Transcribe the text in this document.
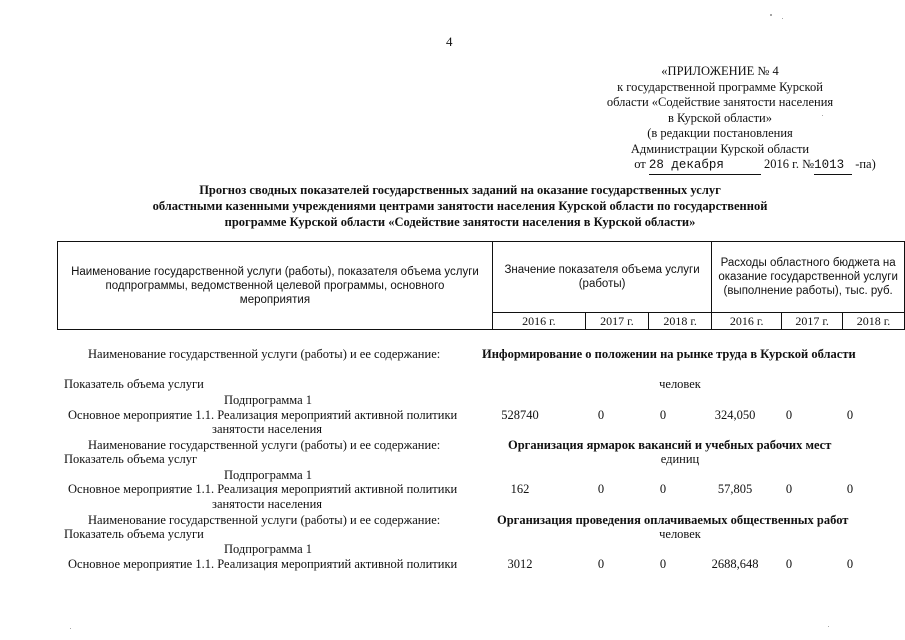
4
«ПРИЛОЖЕНИЕ № 4
к государственной программе Курской
области «Содействие занятости населения
в Курской области»
(в редакции постановления
Администрации Курской области
от 28 декабря	2016 г. №1013 -па)
Прогноз сводных показателей государственных заданий на оказание государственных услуг
областными казенными учреждениями центрами занятости населения Курской области по государственной
программе Курской области «Содействие занятости населения в Курской области»
Наименование государственной услуги (работы), показателя объема услуги подпрограммы, ведомственной целевой программы, основного мероприятия	Значение показателя объема услуги (работы)			Расходы областного бюджета на оказание государственной услуги (выполнение работы), тыс. руб.		
	2016 г.	2017 г.	2018 г.	2016 г.	2017 г.	2018 г.
Наименование государственной услуги (работы) и ее содержание:	Информирование о положении на рынке труда в Курской области
Показатель объема услуги	человек
Подпрограмма 1
Основное мероприятие 1.1. Реализация мероприятий активной политики
занятости населения
528740	0	0	324,050	0	0
Наименование государственной услуги (работы) и ее содержание:	Организация ярмарок вакансий и учебных рабочих мест
Показатель объема услуг	единиц
Подпрограмма 1
Основное мероприятие 1.1. Реализация мероприятий активной политики
занятости населения
162	0	0	57,805	0	0
Наименование государственной услуги (работы) и ее содержание:	Организация проведения оплачиваемых общественных работ
Показатель объема услуги	человек
Подпрограмма 1
Основное мероприятие 1.1. Реализация мероприятий активной политики	3012	0	0	2688,648	0	0
